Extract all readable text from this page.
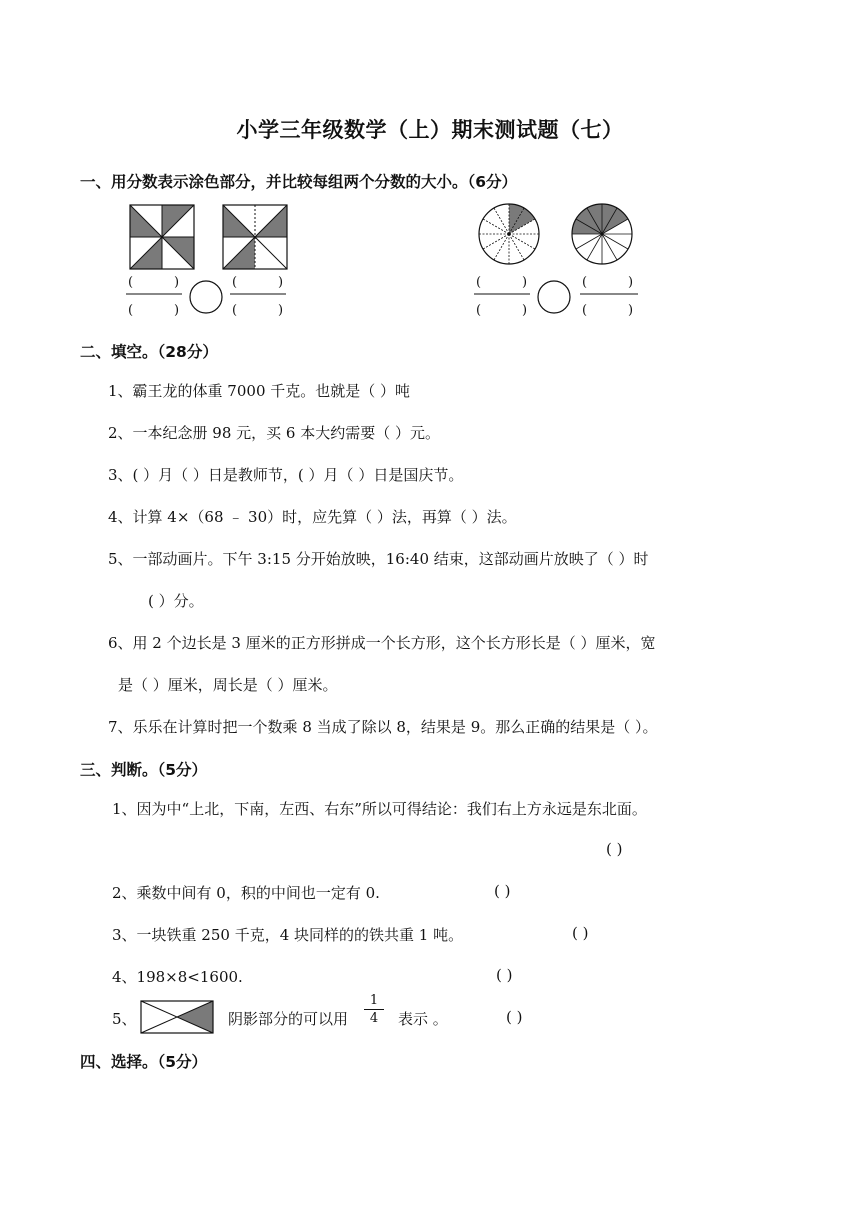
小学三年级数学（上）期末测试题（七）
一、用分数表示涂色部分，并比较每组两个分数的大小。（6分）
(	)
(	)
(	)
(	)
(	)
(	)
(	)
(	)
二、填空。（28分）
1、霸王龙的体重 7000 千克。也就是（ ）吨
2、一本纪念册 98 元，买 6 本大约需要（ ）元。
3、( ）月（ ）日是教师节，( ）月（ ）日是国庆节。
4、计算 4×（68 ﹣ 30）时，应先算（ ）法，再算（ ）法。
5、一部动画片。下午 3:15 分开始放映，16:40 结束，这部动画片放映了（ ）时
( ）分。
6、用 2 个边长是 3 厘米的正方形拼成一个长方形，这个长方形长是（ ）厘米，宽
是（ ）厘米，周长是（ ）厘米。
7、乐乐在计算时把一个数乘 8 当成了除以 8，结果是 9。那么正确的结果是（ ）。
三、判断。（5分）
1、因为中“上北，下南，左西、右东”所以可得结论：我们右上方永远是东北面。
( )
2、乘数中间有 0，积的中间也一定有 0.	( )
3、一块铁重 250 千克，4 块同样的的铁共重 1 吨。	( )
4、198×8<1600.	( )
5、	阴影部分的可以用 $\frac{1}{4}$ 表示 。	( )
四、选择。（5分）
